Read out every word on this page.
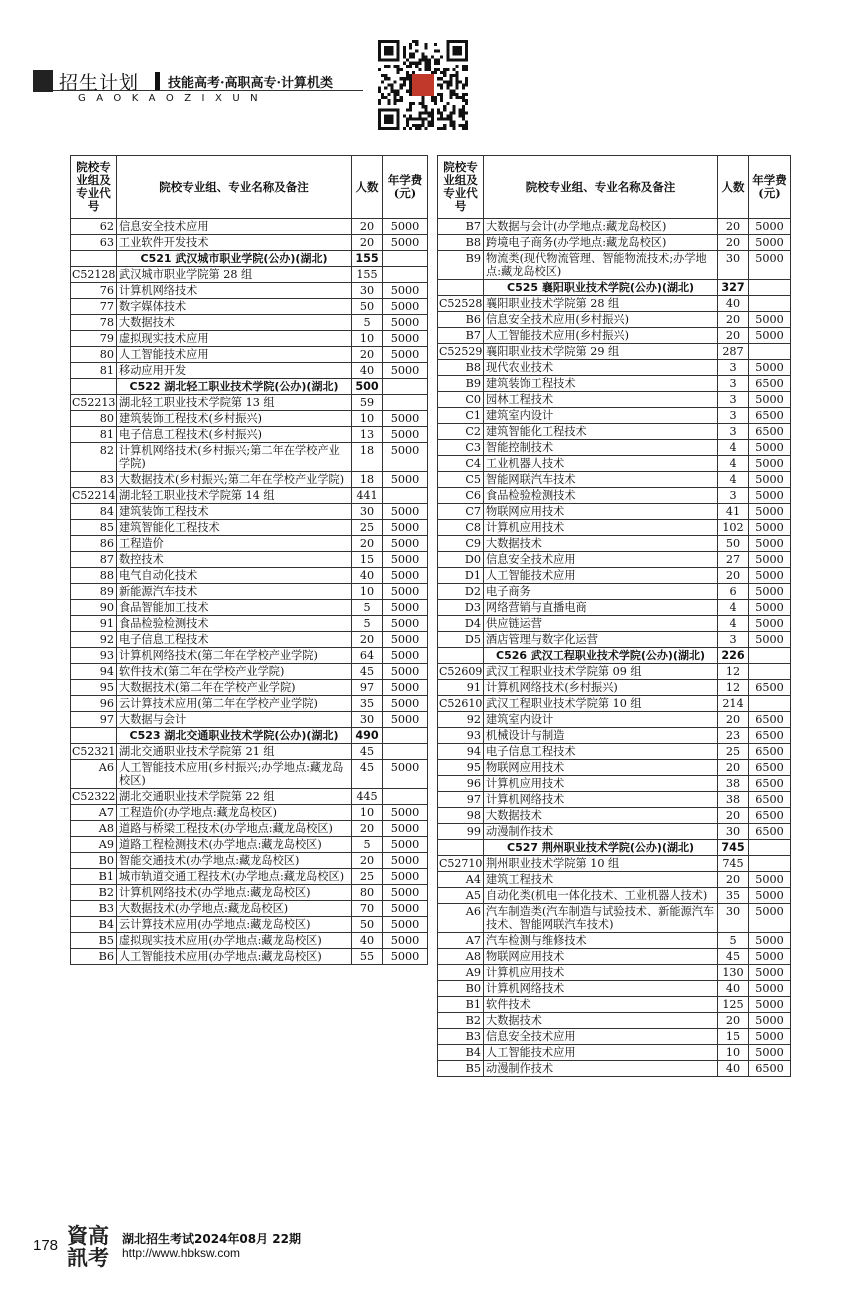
招生计划 技能高考·高职高专·计算机类
GAOKAOZIXUN
院校专业组及专业代号	院校专业组、专业名称及备注	人数	年学费(元)
62	信息安全技术应用	20	5000
63	工业软件开发技术	20	5000
	C521 武汉城市职业学院(公办)(湖北)	155	
C52128	武汉城市职业学院第 28 组	155	
76	计算机网络技术	30	5000
77	数字媒体技术	50	5000
78	大数据技术	5	5000
79	虚拟现实技术应用	10	5000
80	人工智能技术应用	20	5000
81	移动应用开发	40	5000
	C522 湖北轻工职业技术学院(公办)(湖北)	500	
C52213	湖北轻工职业技术学院第 13 组	59	
80	建筑装饰工程技术(乡村振兴)	10	5000
81	电子信息工程技术(乡村振兴)	13	5000
82	计算机网络技术(乡村振兴;第二年在学校产业学院)	18	5000
83	大数据技术(乡村振兴;第二年在学校产业学院)	18	5000
C52214	湖北轻工职业技术学院第 14 组	441	
84	建筑装饰工程技术	30	5000
85	建筑智能化工程技术	25	5000
86	工程造价	20	5000
87	数控技术	15	5000
88	电气自动化技术	40	5000
89	新能源汽车技术	10	5000
90	食品智能加工技术	5	5000
91	食品检验检测技术	5	5000
92	电子信息工程技术	20	5000
93	计算机网络技术(第二年在学校产业学院)	64	5000
94	软件技术(第二年在学校产业学院)	45	5000
95	大数据技术(第二年在学校产业学院)	97	5000
96	云计算技术应用(第二年在学校产业学院)	35	5000
97	大数据与会计	30	5000
	C523 湖北交通职业技术学院(公办)(湖北)	490	
C52321	湖北交通职业技术学院第 21 组	45	
A6	人工智能技术应用(乡村振兴;办学地点:藏龙岛校区)	45	5000
C52322	湖北交通职业技术学院第 22 组	445	
A7	工程造价(办学地点:藏龙岛校区)	10	5000
A8	道路与桥梁工程技术(办学地点:藏龙岛校区)	20	5000
A9	道路工程检测技术(办学地点:藏龙岛校区)	5	5000
B0	智能交通技术(办学地点:藏龙岛校区)	20	5000
B1	城市轨道交通工程技术(办学地点:藏龙岛校区)	25	5000
B2	计算机网络技术(办学地点:藏龙岛校区)	80	5000
B3	大数据技术(办学地点:藏龙岛校区)	70	5000
B4	云计算技术应用(办学地点:藏龙岛校区)	50	5000
B5	虚拟现实技术应用(办学地点:藏龙岛校区)	40	5000
B6	人工智能技术应用(办学地点:藏龙岛校区)	55	5000
院校专业组及专业代号	院校专业组、专业名称及备注	人数	年学费(元)
B7	大数据与会计(办学地点:藏龙岛校区)	20	5000
B8	跨境电子商务(办学地点:藏龙岛校区)	20	5000
B9	物流类(现代物流管理、智能物流技术;办学地点:藏龙岛校区)	30	5000
	C525 襄阳职业技术学院(公办)(湖北)	327	
C52528	襄阳职业技术学院第 28 组	40	
B6	信息安全技术应用(乡村振兴)	20	5000
B7	人工智能技术应用(乡村振兴)	20	5000
C52529	襄阳职业技术学院第 29 组	287	
B8	现代农业技术	3	5000
B9	建筑装饰工程技术	3	6500
C0	园林工程技术	3	5000
C1	建筑室内设计	3	6500
C2	建筑智能化工程技术	3	6500
C3	智能控制技术	4	5000
C4	工业机器人技术	4	5000
C5	智能网联汽车技术	4	5000
C6	食品检验检测技术	3	5000
C7	物联网应用技术	41	5000
C8	计算机应用技术	102	5000
C9	大数据技术	50	5000
D0	信息安全技术应用	27	5000
D1	人工智能技术应用	20	5000
D2	电子商务	6	5000
D3	网络营销与直播电商	4	5000
D4	供应链运营	4	5000
D5	酒店管理与数字化运营	3	5000
	C526 武汉工程职业技术学院(公办)(湖北)	226	
C52609	武汉工程职业技术学院第 09 组	12	
91	计算机网络技术(乡村振兴)	12	6500
C52610	武汉工程职业技术学院第 10 组	214	
92	建筑室内设计	20	6500
93	机械设计与制造	23	6500
94	电子信息工程技术	25	6500
95	物联网应用技术	20	6500
96	计算机应用技术	38	6500
97	计算机网络技术	38	6500
98	大数据技术	20	6500
99	动漫制作技术	30	6500
	C527 荆州职业技术学院(公办)(湖北)	745	
C52710	荆州职业技术学院第 10 组	745	
A4	建筑工程技术	20	5000
A5	自动化类(机电一体化技术、工业机器人技术)	35	5000
A6	汽车制造类(汽车制造与试验技术、新能源汽车技术、智能网联汽车技术)	30	5000
A7	汽车检测与维修技术	5	5000
A8	物联网应用技术	45	5000
A9	计算机应用技术	130	5000
B0	计算机网络技术	40	5000
B1	软件技术	125	5000
B2	大数据技术	20	5000
B3	信息安全技术应用	15	5000
B4	人工智能技术应用	10	5000
B5	动漫制作技术	40	6500
178 資高
訊考
湖北招生考试2024年08月 22期
http://www.hbksw.com
